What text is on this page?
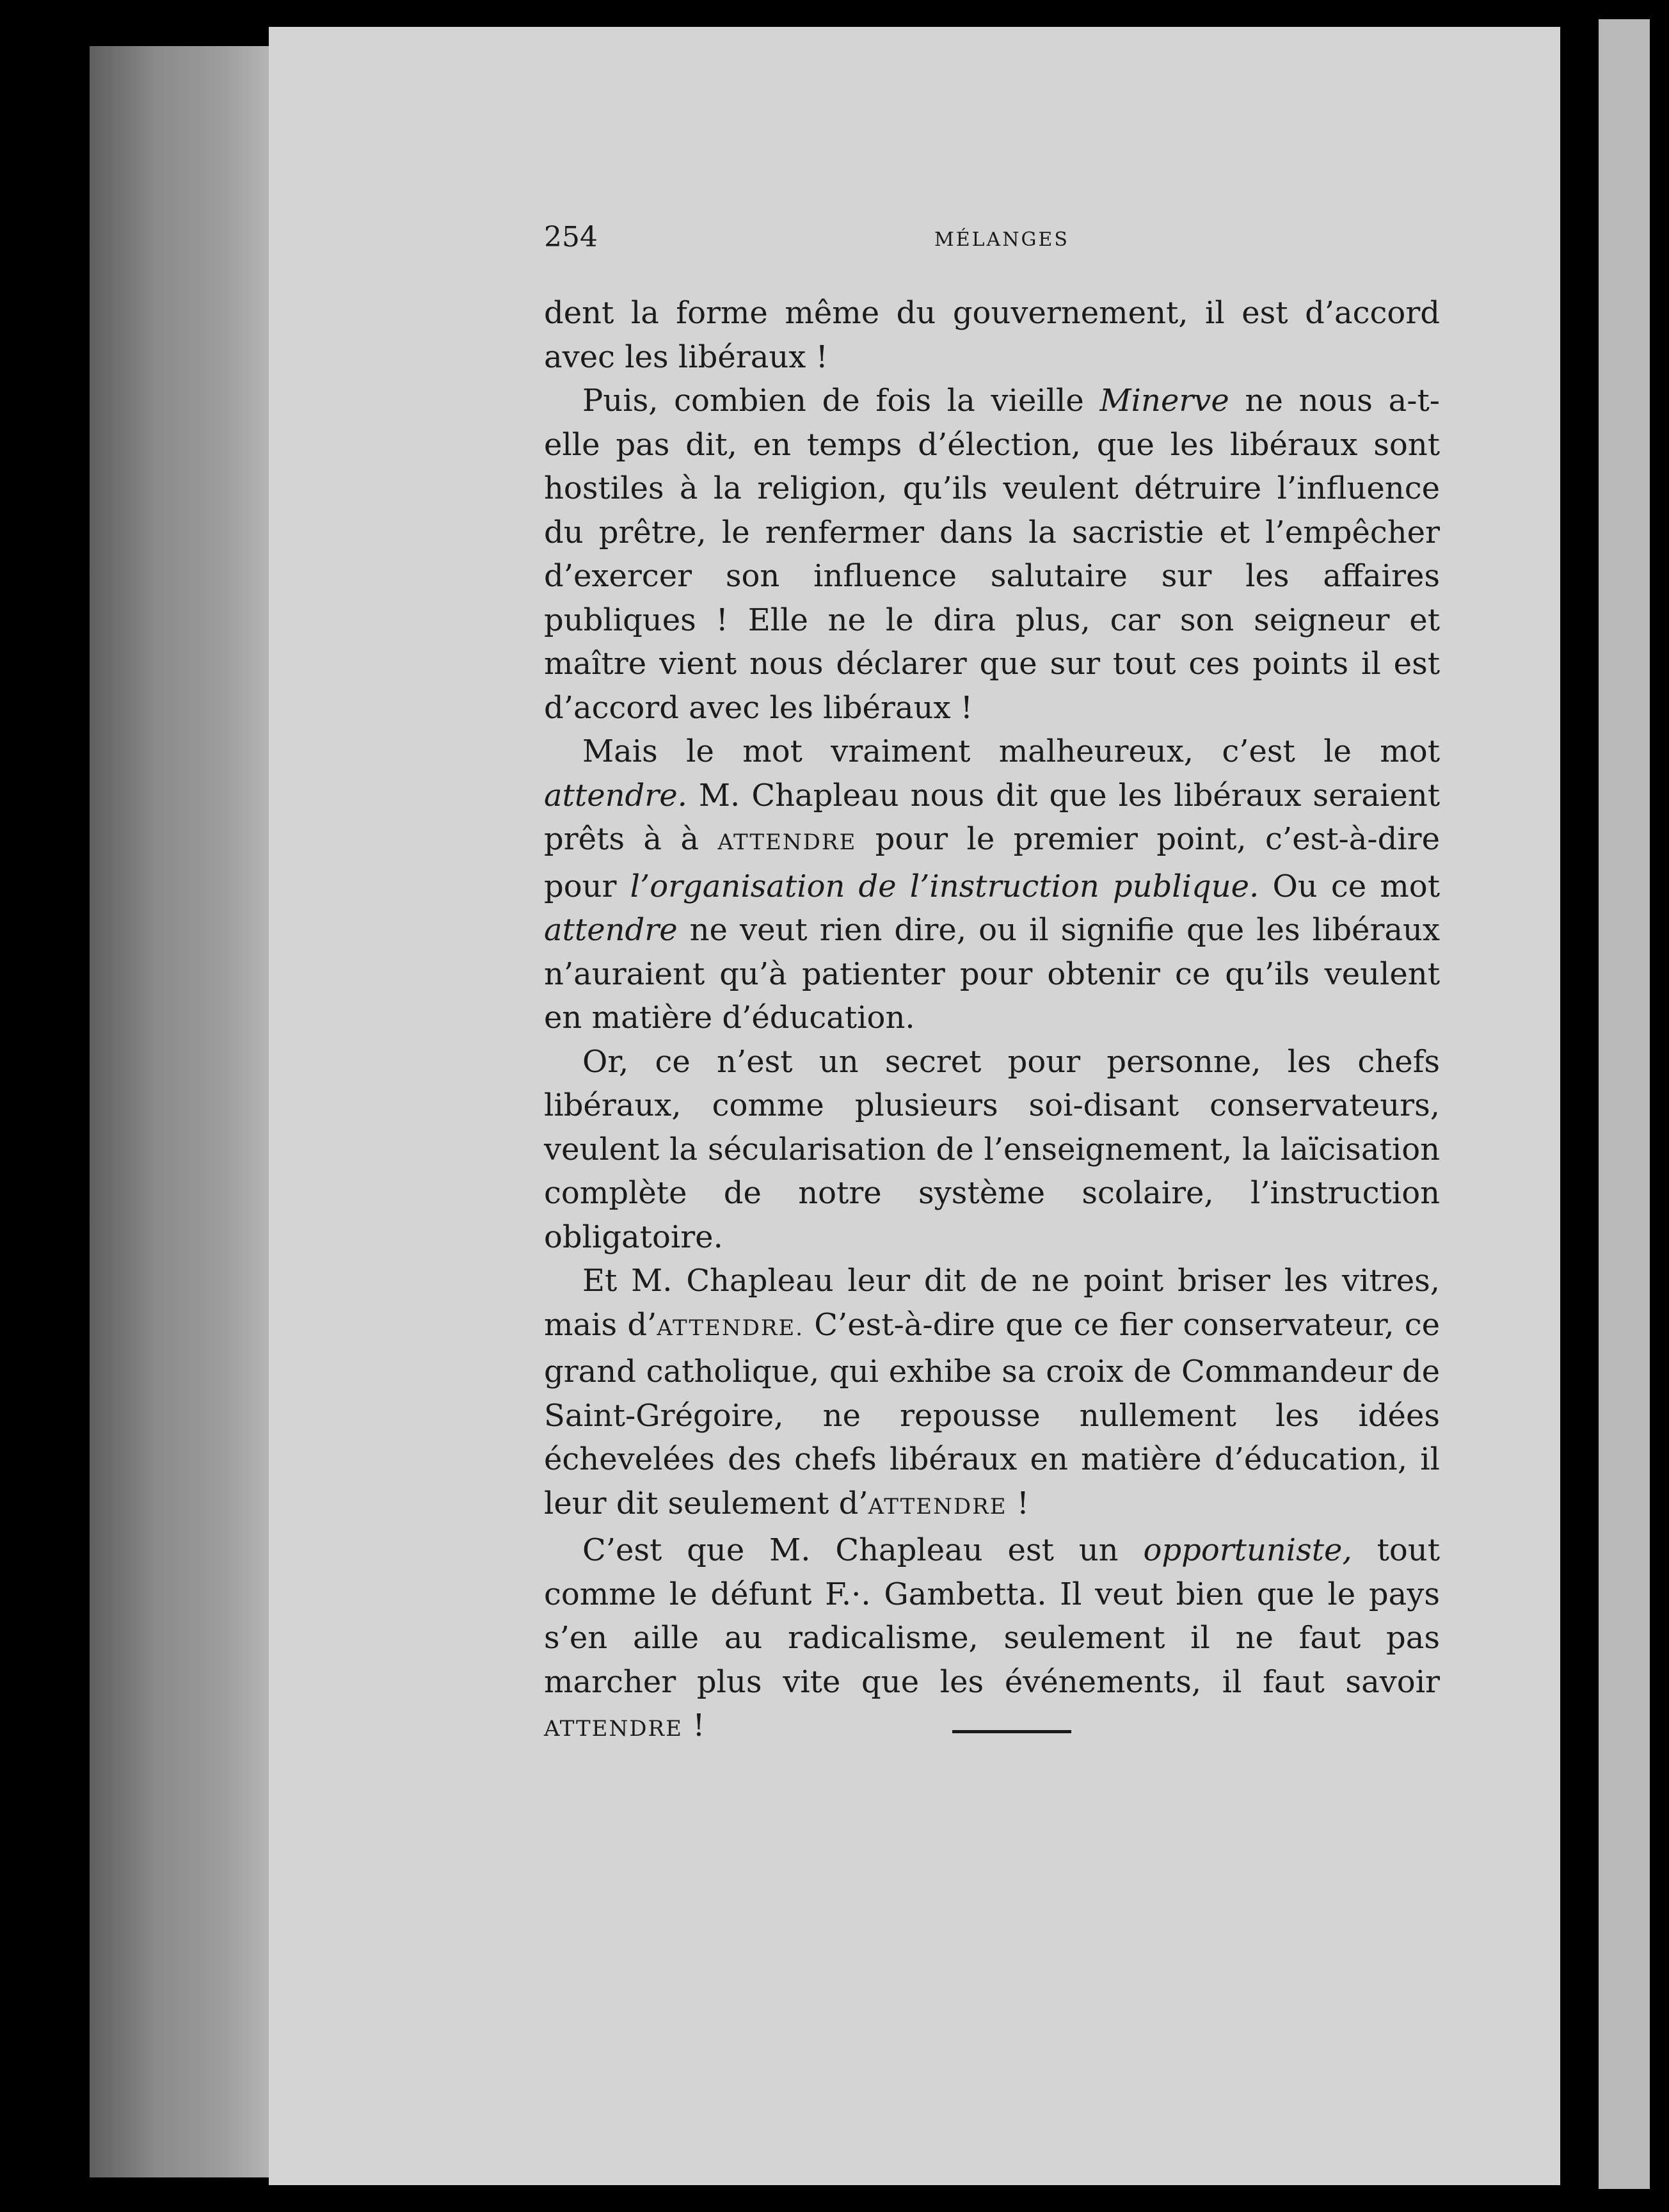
254	MÉLANGES

dent la forme même du gouvernement, il est d’accord avec les libéraux !

Puis, combien de fois la vieille Minerve ne nous a-t-elle pas dit, en temps d’élection, que les libéraux sont hostiles à la religion, qu’ils veulent détruire l’influence du prêtre, le renfermer dans la sacristie et l’empêcher d’exercer son influence salutaire sur les affaires publiques ! Elle ne le dira plus, car son seigneur et maître vient nous déclarer que sur tout ces points il est d’accord avec les libéraux !

Mais le mot vraiment malheureux, c’est le mot attendre. M. Chapleau nous dit que les libéraux seraient prêts à à ATTENDRE pour le premier point, c’est-à-dire pour l’organisation de l’instruction publique. Ou ce mot attendre ne veut rien dire, ou il signifie que les libéraux n’auraient qu’à patienter pour obtenir ce qu’ils veulent en matière d’éducation.

Or, ce n’est un secret pour personne, les chefs libéraux, comme plusieurs soi-disant conservateurs, veulent la sécularisation de l’enseignement, la laïcisation complète de notre système scolaire, l’instruction obligatoire.

Et M. Chapleau leur dit de ne point briser les vitres, mais d’ATTENDRE. C’est-à-dire que ce fier conservateur, ce grand catholique, qui exhibe sa croix de Commandeur de Saint-Grégoire, ne repousse nullement les idées échevelées des chefs libéraux en matière d’éducation, il leur dit seulement d’ATTENDRE !

C’est que M. Chapleau est un opportuniste, tout comme le défunt F.·. Gambetta. Il veut bien que le pays s’en aille au radicalisme, seulement il ne faut pas marcher plus vite que les événements, il faut savoir ATTENDRE !
